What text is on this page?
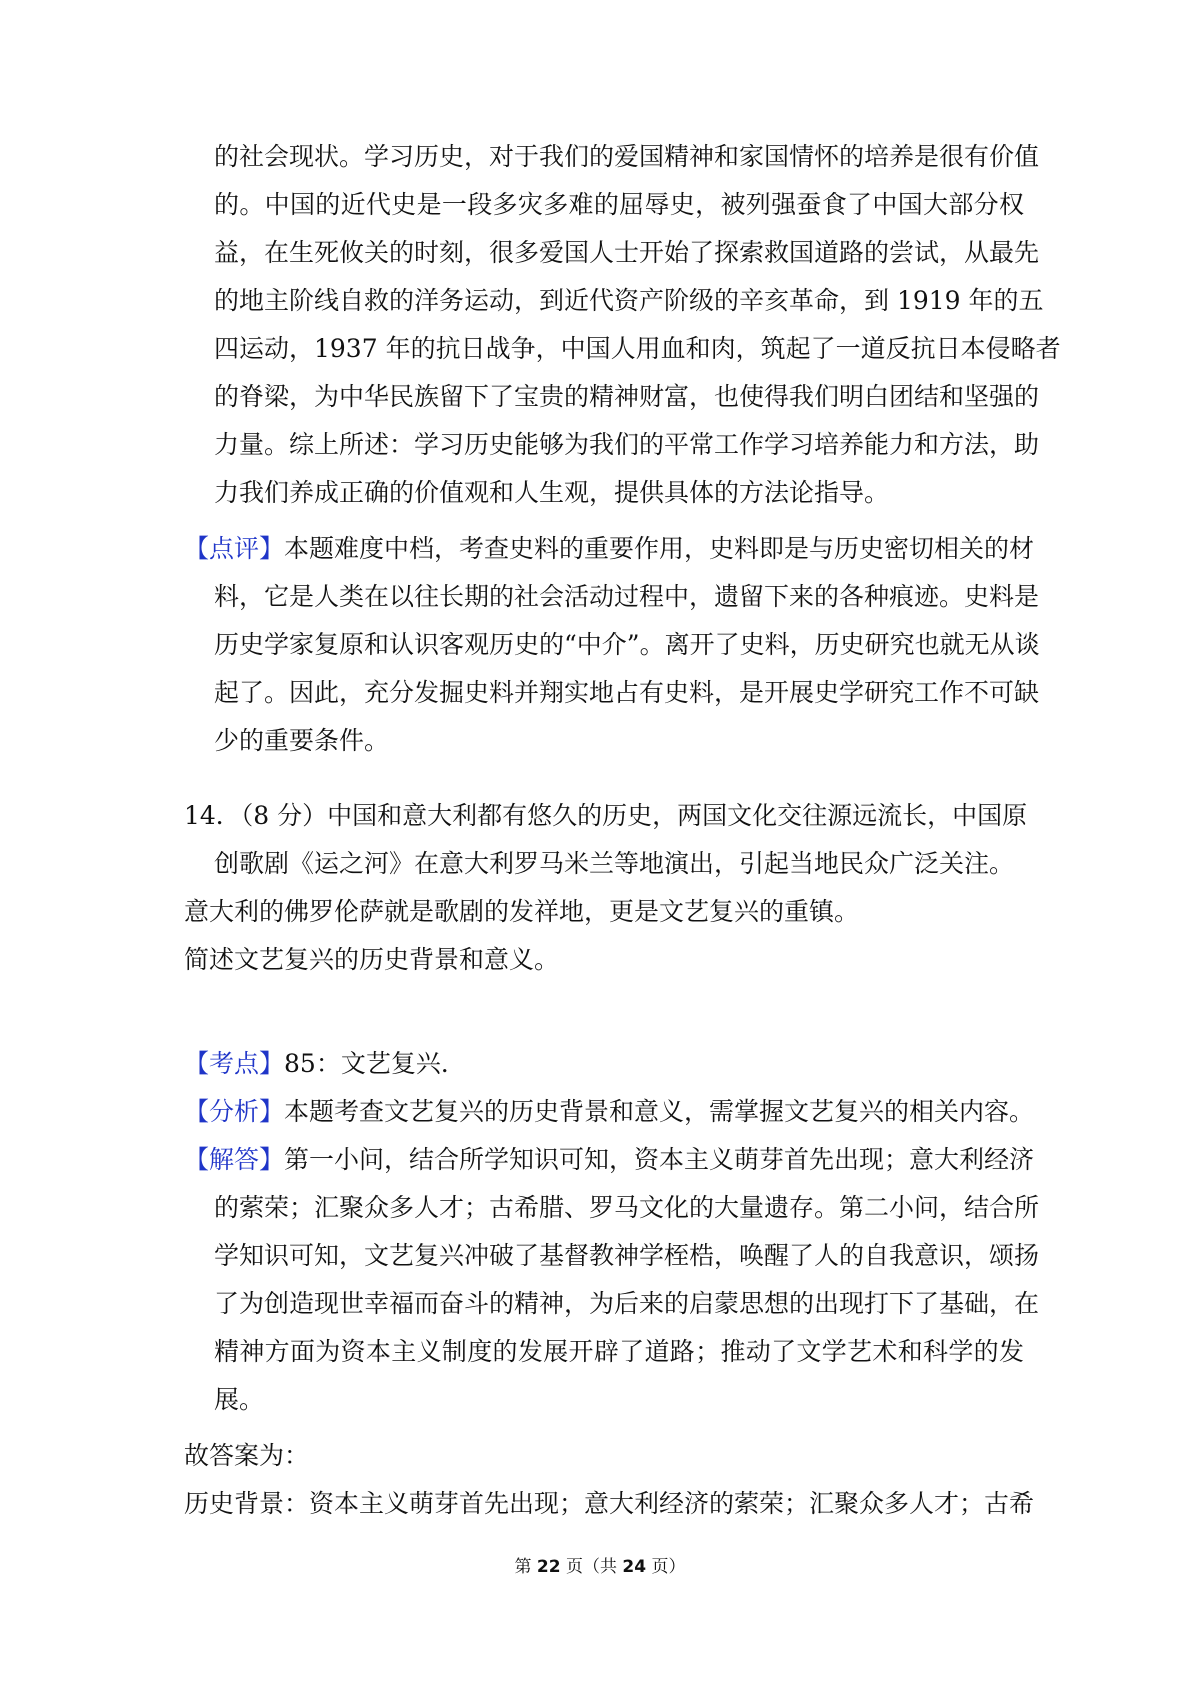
的社会现状。学习历史，对于我们的爱国精神和家国情怀的培养是很有价值
的。中国的近代史是一段多灾多难的屈辱史，被列强蚕食了中国大部分权
益，在生死攸关的时刻，很多爱国人士开始了探索救国道路的尝试，从最先
的地主阶线自救的洋务运动，到近代资产阶级的辛亥革命，到 1919 年的五
四运动，1937 年的抗日战争，中国人用血和肉，筑起了一道反抗日本侵略者
的脊梁，为中华民族留下了宝贵的精神财富，也使得我们明白团结和坚强的
力量。综上所述：学习历史能够为我们的平常工作学习培养能力和方法，助
力我们养成正确的价值观和人生观，提供具体的方法论指导。
【点评】本题难度中档，考查史料的重要作用，史料即是与历史密切相关的材
料，它是人类在以往长期的社会活动过程中，遗留下来的各种痕迹。史料是
历史学家复原和认识客观历史的“中介”。离开了史料，历史研究也就无从谈
起了。因此，充分发掘史料并翔实地占有史料，是开展史学研究工作不可缺
少的重要条件。
14．（8 分）中国和意大利都有悠久的历史，两国文化交往源远流长，中国原
创歌剧《运之河》在意大利罗马米兰等地演出，引起当地民众广泛关注。
意大利的佛罗伦萨就是歌剧的发祥地，更是文艺复兴的重镇。
简述文艺复兴的历史背景和意义。
【考点】85：文艺复兴．
【分析】本题考查文艺复兴的历史背景和意义，需掌握文艺复兴的相关内容。
【解答】第一小问，结合所学知识可知，资本主义萌芽首先出现；意大利经济
的萦荣；汇聚众多人才；古希腊、罗马文化的大量遗存。第二小问，结合所
学知识可知，文艺复兴冲破了基督教神学桎梏，唤醒了人的自我意识，颂扬
了为创造现世幸福而奋斗的精神，为后来的启蒙思想的出现打下了基础，在
精神方面为资本主义制度的发展开辟了道路；推动了文学艺术和科学的发
展。
故答案为：
历史背景：资本主义萌芽首先出现；意大利经济的萦荣；汇聚众多人才；古希
第 22 页（共 24 页）
